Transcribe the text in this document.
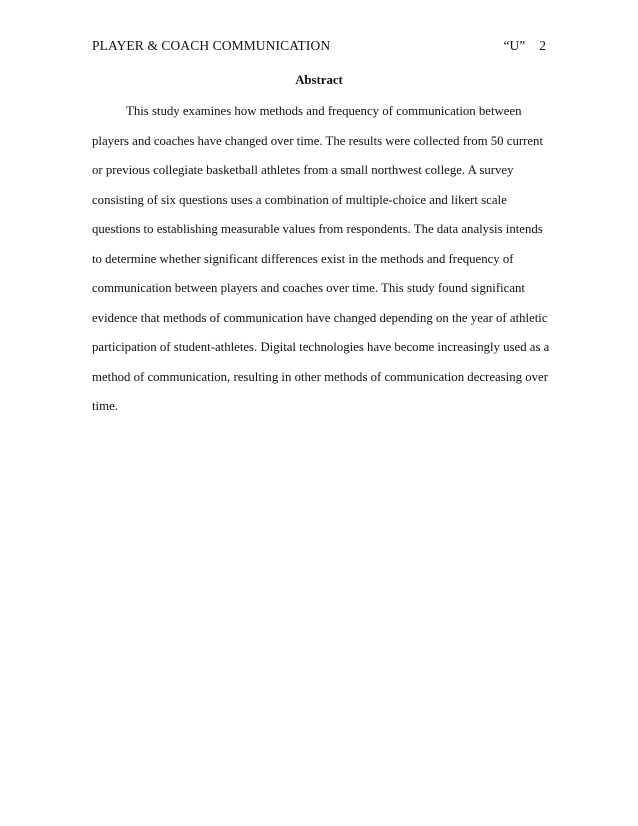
PLAYER & COACH COMMUNICATION	“U” 2
Abstract
This study examines how methods and frequency of communication between
players and coaches have changed over time. The results were collected from 50 current
or previous collegiate basketball athletes from a small northwest college. A survey
consisting of six questions uses a combination of multiple-choice and likert scale
questions to establishing measurable values from respondents. The data analysis intends
to determine whether significant differences exist in the methods and frequency of
communication between players and coaches over time. This study found significant
evidence that methods of communication have changed depending on the year of athletic
participation of student-athletes. Digital technologies have become increasingly used as a
method of communication, resulting in other methods of communication decreasing over
time.
